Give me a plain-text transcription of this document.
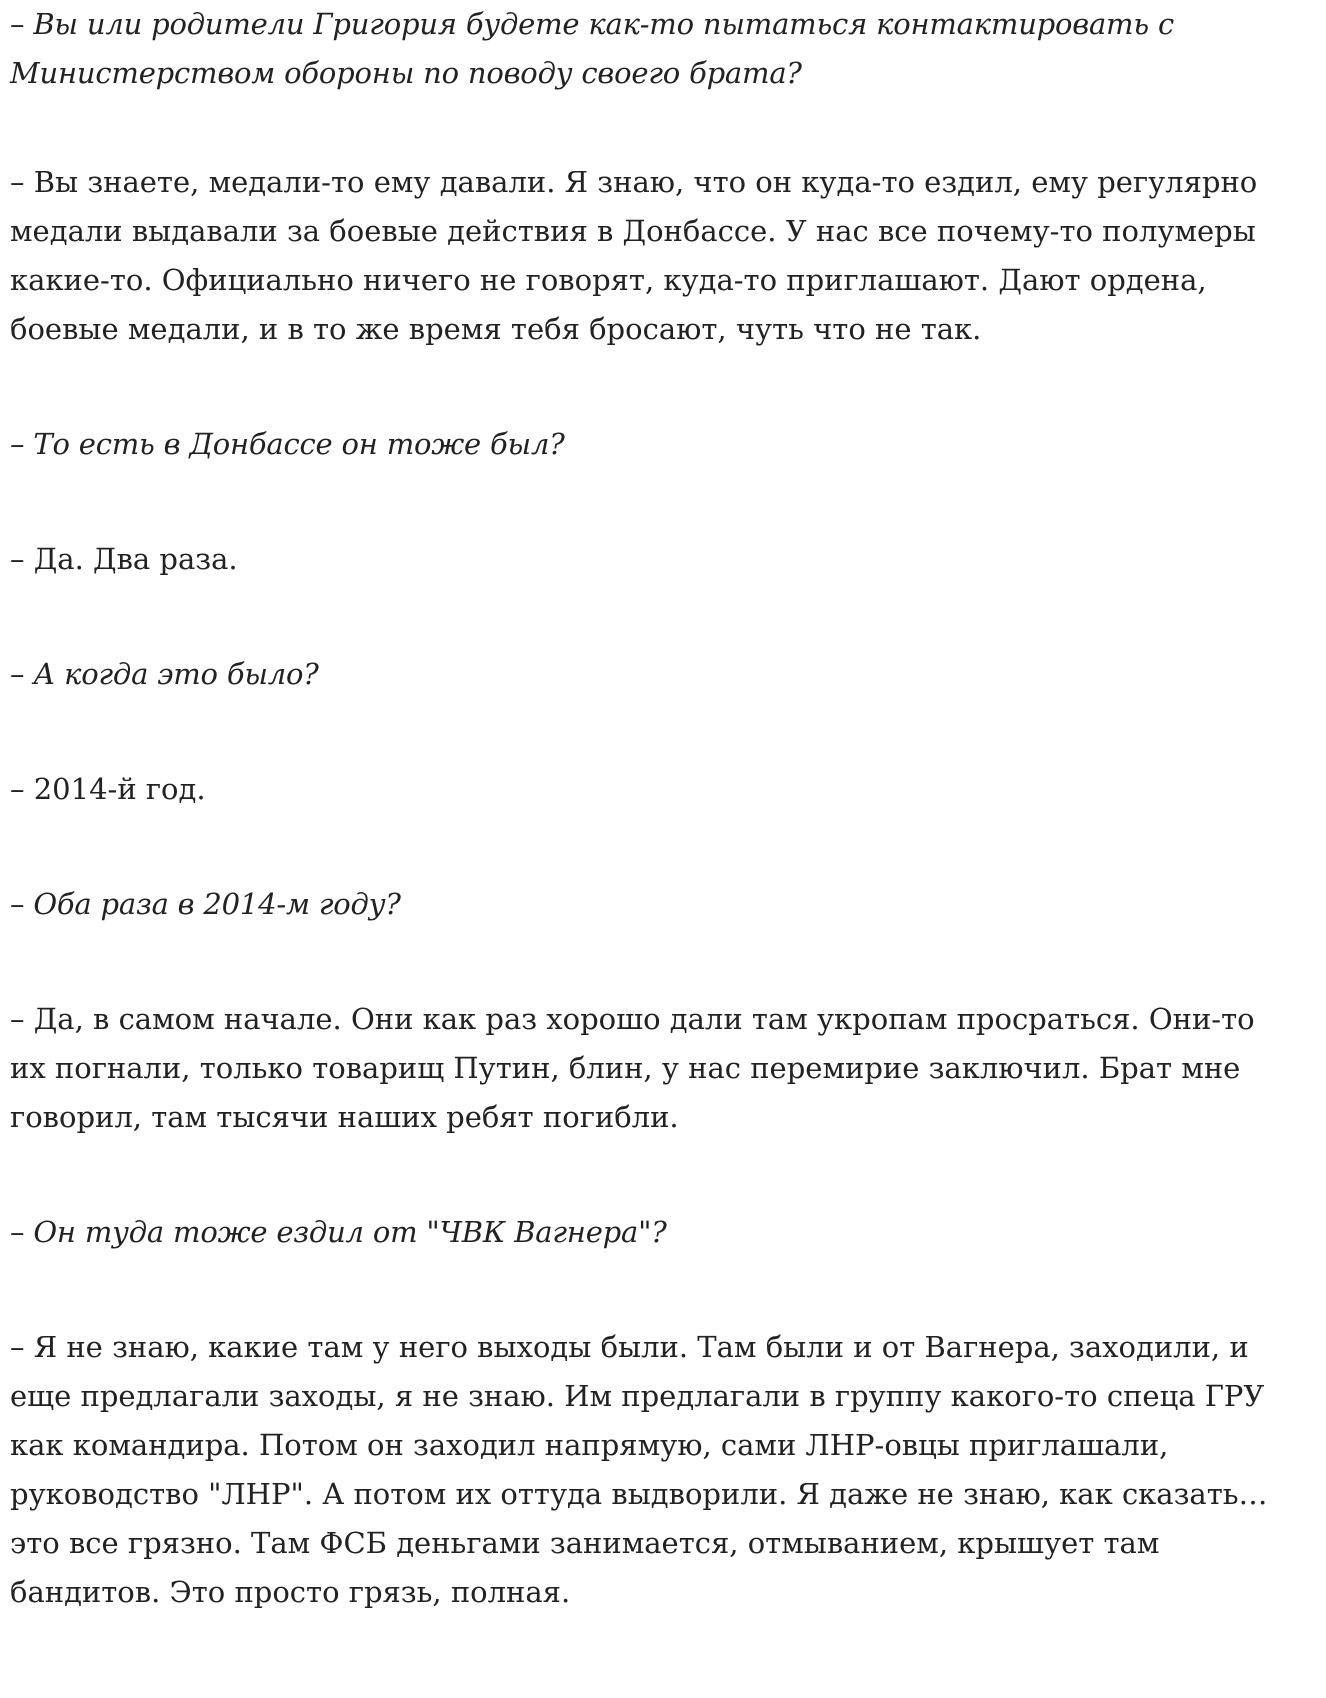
– Вы или родители Григория будете как-то пытаться контактировать с
Министерством обороны по поводу своего брата?

– Вы знаете, медали-то ему давали. Я знаю, что он куда-то ездил, ему регулярно
медали выдавали за боевые действия в Донбассе. У нас все почему-то полумеры
какие-то. Официально ничего не говорят, куда-то приглашают. Дают ордена,
боевые медали, и в то же время тебя бросают, чуть что не так.

– То есть в Донбассе он тоже был?

– Да. Два раза.

– А когда это было?

– 2014-й год.

– Оба раза в 2014-м году?

– Да, в самом начале. Они как раз хорошо дали там укропам просраться. Они-то
их погнали, только товарищ Путин, блин, у нас перемирие заключил. Брат мне
говорил, там тысячи наших ребят погибли.

– Он туда тоже ездил от "ЧВК Вагнера"?

– Я не знаю, какие там у него выходы были. Там были и от Вагнера, заходили, и
еще предлагали заходы, я не знаю. Им предлагали в группу какого-то спеца ГРУ
как командира. Потом он заходил напрямую, сами ЛНР-овцы приглашали,
руководство "ЛНР". А потом их оттуда выдворили. Я даже не знаю, как сказать…
это все грязно. Там ФСБ деньгами занимается, отмыванием, крышует там
бандитов. Это просто грязь, полная.
